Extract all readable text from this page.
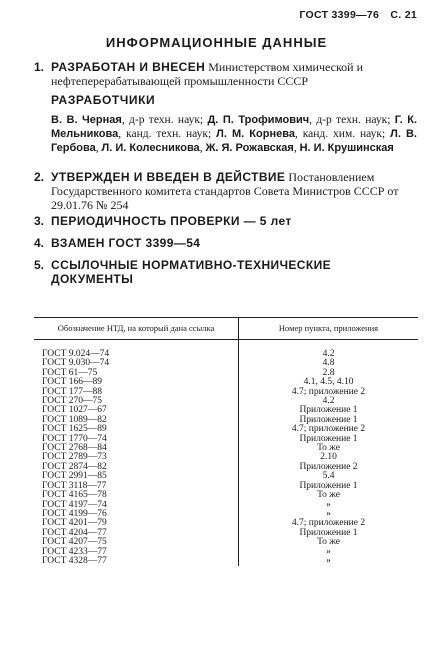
ГОСТ 3399—76 С. 21
ИНФОРМАЦИОННЫЕ ДАННЫЕ
1. РАЗРАБОТАН И ВНЕСЕН Министерством химической и нефтеперерабатывающей промышленности СССР
РАЗРАБОТЧИКИ
В. В. Черная, д-р техн. наук; Д. П. Трофимович, д-р техн. наук; Г. К. Мельникова, канд. техн. наук; Л. М. Корнева, канд. хим. наук; Л. В. Гербова, Л. И. Колесникова, Ж. Я. Рожавская, Н. И. Крушинская
2. УТВЕРЖДЕН И ВВЕДЕН В ДЕЙСТВИЕ Постановлением Государственного комитета стандартов Совета Министров СССР от 29.01.76 № 254
3. ПЕРИОДИЧНОСТЬ ПРОВЕРКИ — 5 лет
4. ВЗАМЕН ГОСТ 3399—54
5. ССЫЛОЧНЫЕ НОРМАТИВНО-ТЕХНИЧЕСКИЕ ДОКУМЕНТЫ
Обозначение НТД, на который дана ссылка	Номер пункта, приложения
ГОСТ 9.024—74	4.2
ГОСТ 9.030—74	4.8
ГОСТ 61—75	2.8
ГОСТ 166—89	4.1, 4.5, 4.10
ГОСТ 177—88	4.7; приложение 2
ГОСТ 270—75	4.2
ГОСТ 1027—67	Приложение 1
ГОСТ 1089—82	Приложение 1
ГОСТ 1625—89	4.7; приложение 2
ГОСТ 1770—74	Приложение 1
ГОСТ 2768—84	То же
ГОСТ 2789—73	2.10
ГОСТ 2874—82	Приложение 2
ГОСТ 2991—85	5.4
ГОСТ 3118—77	Приложение 1
ГОСТ 4165—78	То же
ГОСТ 4197—74	»
ГОСТ 4199—76	»
ГОСТ 4201—79	4.7; приложение 2
ГОСТ 4204—77	Приложение 1
ГОСТ 4207—75	То же
ГОСТ 4233—77	»
ГОСТ 4328—77	»
